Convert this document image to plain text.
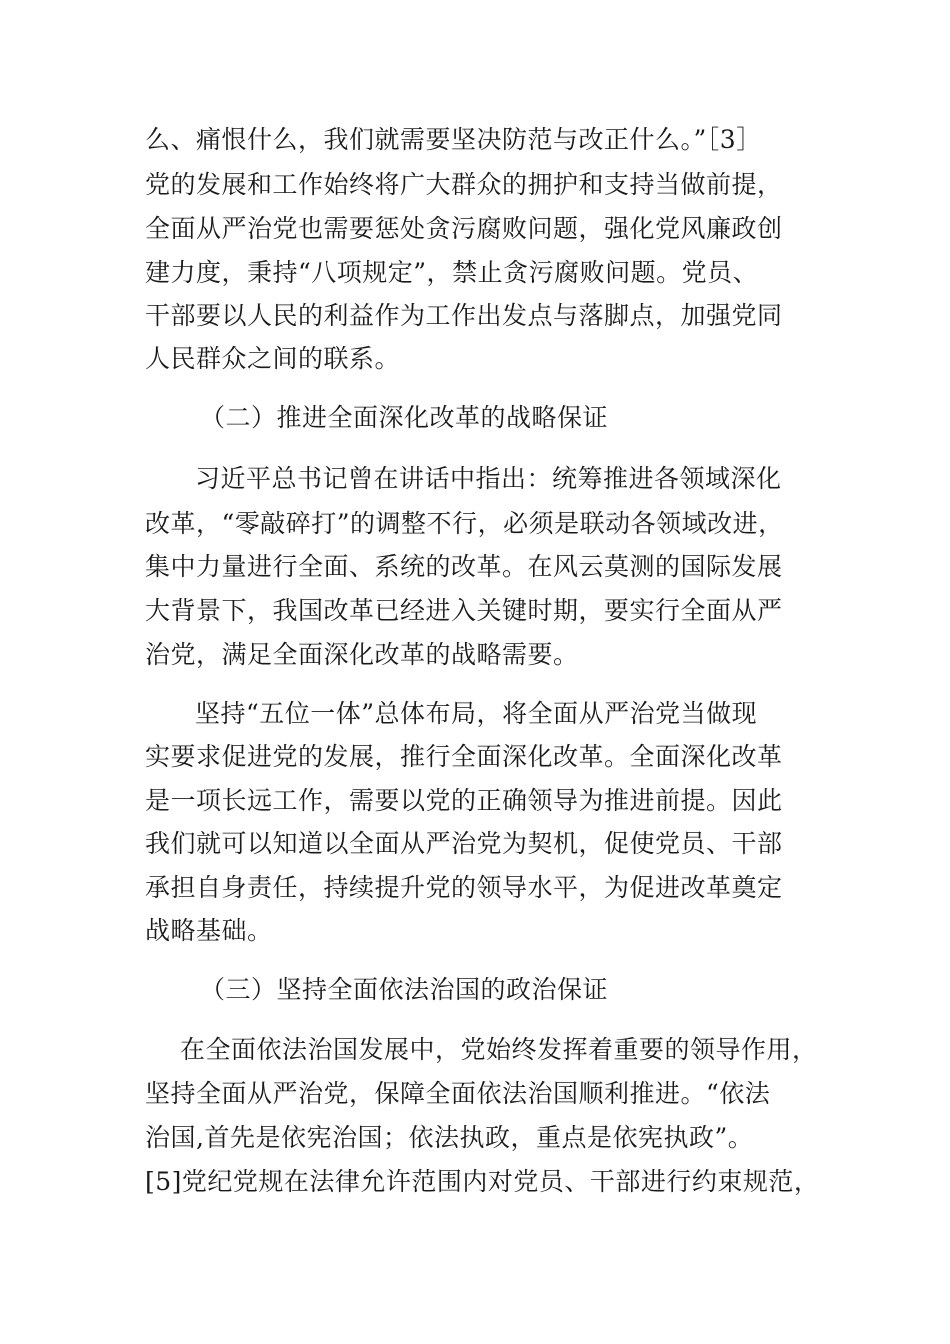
么、痛恨什么，我们就需要坚决防范与改正什么。”［3］
党的发展和工作始终将广大群众的拥护和支持当做前提，
全面从严治党也需要惩处贪污腐败问题，强化党风廉政创
建力度，秉持“八项规定”，禁止贪污腐败问题。党员、
干部要以人民的利益作为工作出发点与落脚点，加强党同
人民群众之间的联系。
（二）推进全面深化改革的战略保证
习近平总书记曾在讲话中指出：统筹推进各领域深化
改革，“零敲碎打”的调整不行，必须是联动各领域改进，
集中力量进行全面、系统的改革。在风云莫测的国际发展
大背景下，我国改革已经进入关键时期，要实行全面从严
治党，满足全面深化改革的战略需要。
坚持“五位一体”总体布局，将全面从严治党当做现
实要求促进党的发展，推行全面深化改革。全面深化改革
是一项长远工作，需要以党的正确领导为推进前提。因此
我们就可以知道以全面从严治党为契机，促使党员、干部
承担自身责任，持续提升党的领导水平，为促进改革奠定
战略基础。
（三）坚持全面依法治国的政治保证
在全面依法治国发展中，党始终发挥着重要的领导作用，
坚持全面从严治党，保障全面依法治国顺利推进。“依法
治国,首先是依宪治国；依法执政，重点是依宪执政”。
[5]党纪党规在法律允许范围内对党员、干部进行约束规范，
